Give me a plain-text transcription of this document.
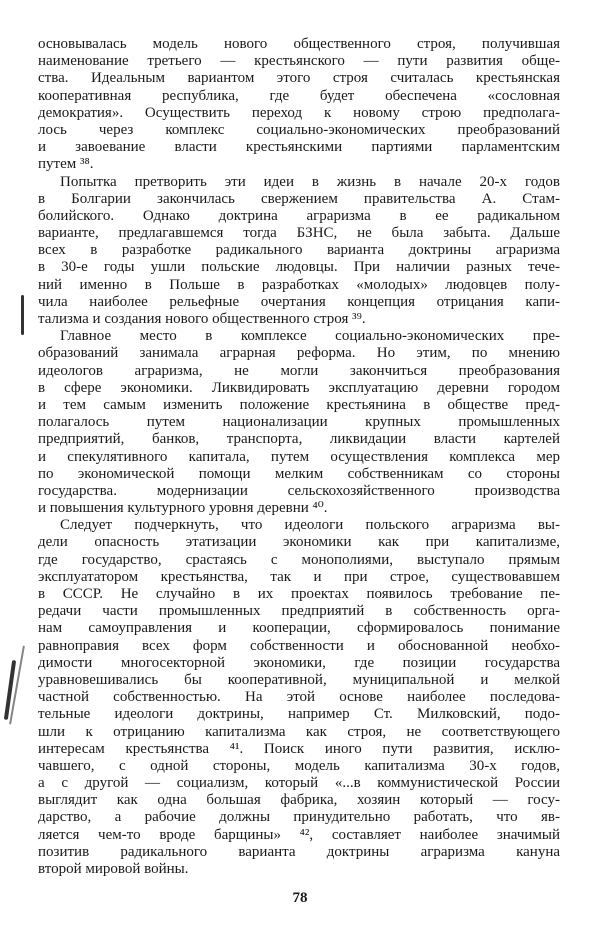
основывалась модель нового общественного строя, получившая
наименование третьего — крестьянского — пути развития обще-
ства. Идеальным вариантом этого строя считалась крестьянская
кооперативная республика, где будет обеспечена «сословная
демократия». Осуществить переход к новому строю предполага-
лось через комплекс социально-экономических преобразований
и завоевание власти крестьянскими партиями парламентским
путем ³⁸.
Попытка претворить эти идеи в жизнь в начале 20-х годов
в Болгарии закончилась свержением правительства А. Стам-
болийского. Однако доктрина аграризма в ее радикальном
варианте, предлагавшемся тогда БЗНС, не была забыта. Дальше
всех в разработке радикального варианта доктрины аграризма
в 30-е годы ушли польские людовцы. При наличии разных тече-
ний именно в Польше в разработках «молодых» людовцев полу-
чила наиболее рельефные очертания концепция отрицания капи-
тализма и создания нового общественного строя ³⁹.
Главное место в комплексе социально-экономических пре-
образований занимала аграрная реформа. Но этим, по мнению
идеологов аграризма, не могли закончиться преобразования
в сфере экономики. Ликвидировать эксплуатацию деревни городом
и тем самым изменить положение крестьянина в обществе пред-
полагалось путем национализации крупных промышленных
предприятий, банков, транспорта, ликвидации власти картелей
и спекулятивного капитала, путем осуществления комплекса мер
по экономической помощи мелким собственникам со стороны
государства. модернизации сельскохозяйственного производства
и повышения культурного уровня деревни ⁴⁰.
Следует подчеркнуть, что идеологи польского аграризма вы-
дели опасность этатизации экономики как при капитализме,
где государство, срастаясь с монополиями, выступало прямым
эксплуататором крестьянства, так и при строе, существовавшем
в СССР. Не случайно в их проектах появилось требование пе-
редачи части промышленных предприятий в собственность орга-
нам самоуправления и кооперации, сформировалось понимание
равноправия всех форм собственности и обоснованной необхо-
димости многосекторной экономики, где позиции государства
уравновешивались бы кооперативной, муниципальной и мелкой
частной собственностью. На этой основе наиболее последова-
тельные идеологи доктрины, например Ст. Милковский, подо-
шли к отрицанию капитализма как строя, не соответствующего
интересам крестьянства ⁴¹. Поиск иного пути развития, исклю-
чавшего, с одной стороны, модель капитализма 30-х годов,
а с другой — социализм, который «...в коммунистической России
выглядит как одна большая фабрика, хозяин который — госу-
дарство, а рабочие должны принудительно работать, что яв-
ляется чем-то вроде барщины» ⁴², составляет наиболее значимый
позитив радикального варианта доктрины аграризма кануна
второй мировой войны.
78
